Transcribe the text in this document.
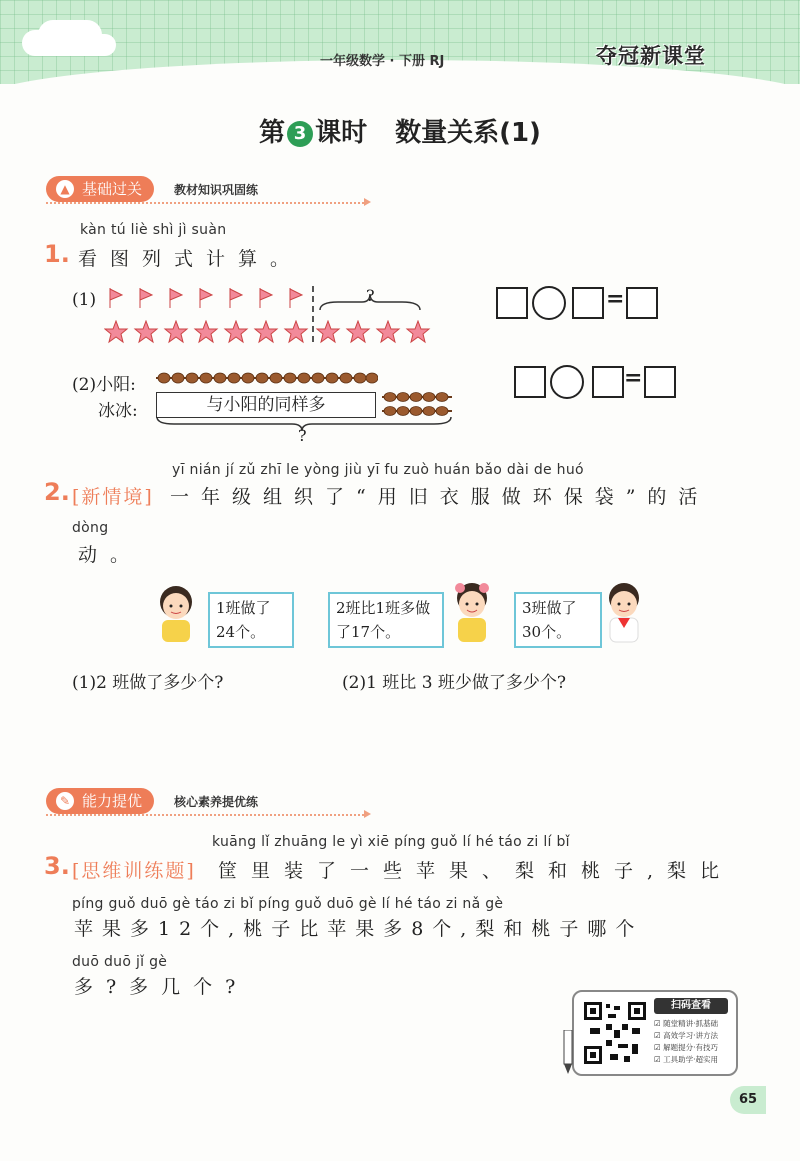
一年级数学 · 下册 RJ	夺冠新课堂
第 3 课时 数量关系(1)
▲ 基础过关	教材知识巩固练
kàn tú liè shì jì suàn
1. 看图列式计算。
(1)	?	=
(2)小阳:
冰冰:	与小阳的同样多
?
=
yī nián jí zǔ zhī le yòng jiù yī fu zuò huán bǎo dài de huó
2. [新情境] 一年级组织了“用旧衣服做环保袋”的活
dòng
动。
1班做了24个。
2班比1班多做了17个。
3班做了30个。
(1)2 班做了多少个?	(2)1 班比 3 班少做了多少个?
✎ 能力提优	核心素养提优练
kuāng lǐ zhuāng le yì xiē píng guǒ lí hé táo zi lí bǐ
3. [思维训练题] 筐里装了一些苹果、梨和桃子,梨比
píng guǒ duō gè táo zi bǐ píng guǒ duō gè lí hé táo zi nǎ gè
苹果多12个,桃子比苹果多8个,梨和桃子哪个
duō duō jǐ gè
多?多几个?
扫码查看
☑ 随堂精讲·抓基础
☑ 高效学习·讲方法
☑ 解题提分·有技巧
☑ 工具助学·超实用
65
